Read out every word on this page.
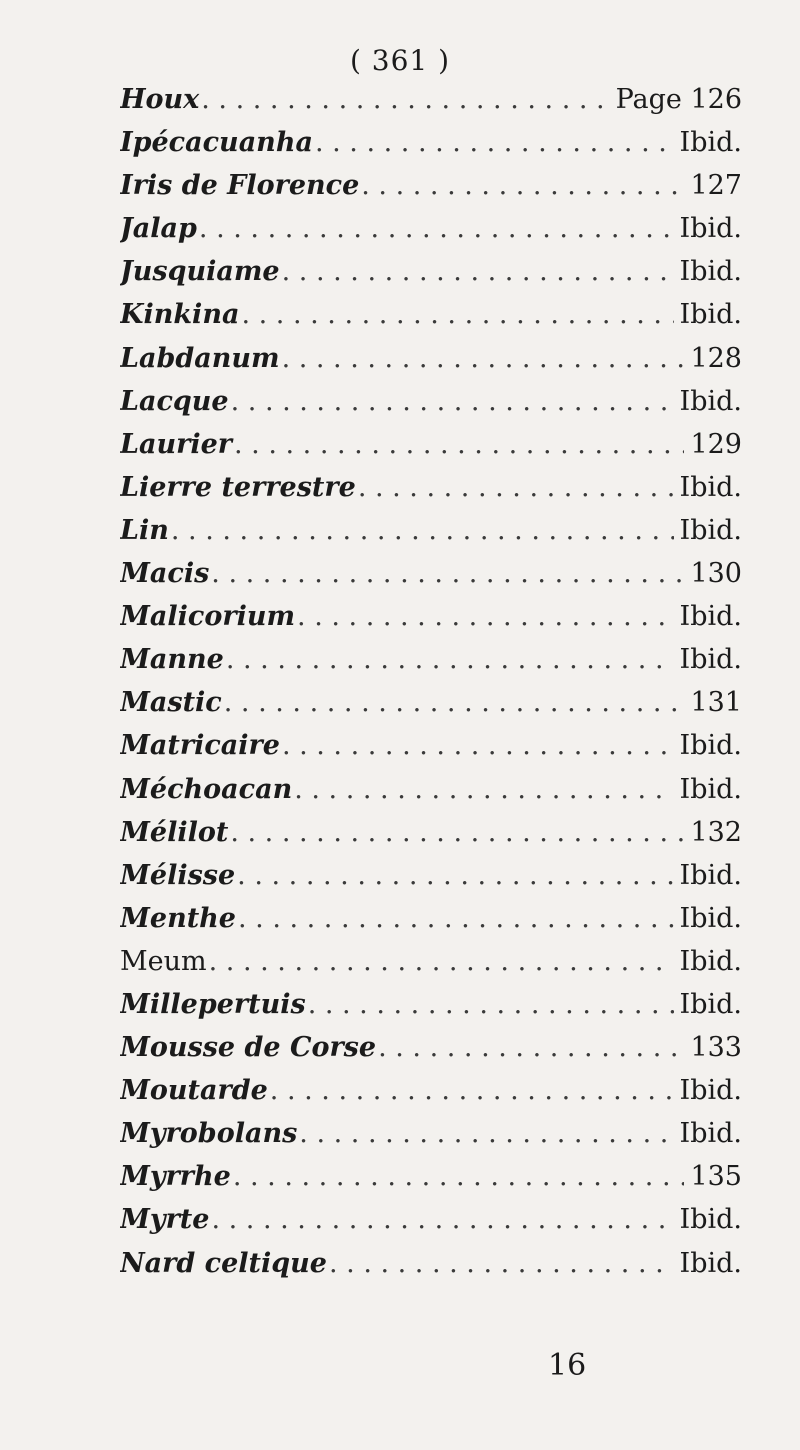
( 361 )
Houx . . .	Page 126
Ipécacuanha . . .	Ibid.
Iris de Florence . . .	127
Jalap . . .	Ibid.
Jusquiame . . .	Ibid.
Kinkina . . .	Ibid.
Labdanum . . .	128
Lacque . . .	Ibid.
Laurier . . .	129
Lierre terrestre . . .	Ibid.
Lin . . .	Ibid.
Macis . . .	130
Malicorium . . .	Ibid.
Manne . . .	Ibid.
Mastic . . .	131
Matricaire . . .	Ibid.
Méchoacan . . .	Ibid.
Mélilot . . .	132
Mélisse . . .	Ibid.
Menthe . . .	Ibid.
Meum . . .	Ibid.
Millepertuis . . .	Ibid.
Mousse de Corse . . .	133
Moutarde . . .	Ibid.
Myrobolans . . .	Ibid.
Myrrhe . . .	135
Myrte . . .	Ibid.
Nard celtique . . .	Ibid.
16
